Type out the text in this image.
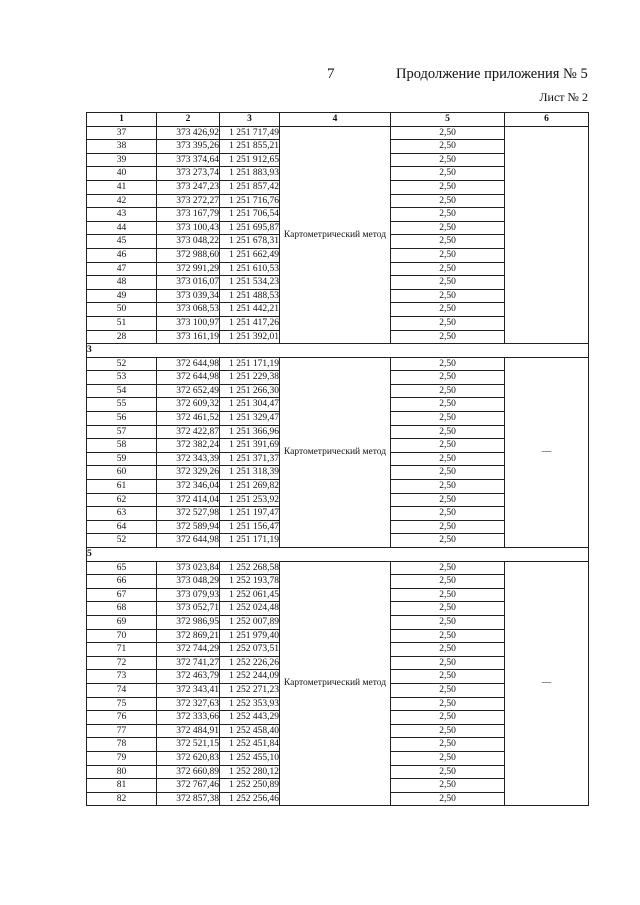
7	Продолжение приложения № 5
Лист № 2
1	2	3	4	5	6
37	373 426,92	1 251 717,49	Картометрический метод	2,50	
38	373 395,26	1 251 855,21		2,50	
39	373 374,64	1 251 912,65		2,50	
40	373 273,74	1 251 883,93		2,50	
41	373 247,23	1 251 857,42		2,50	
42	373 272,27	1 251 716,76		2,50	
43	373 167,79	1 251 706,54		2,50	
44	373 100,43	1 251 695,87		2,50	
45	373 048,22	1 251 678,31		2,50	
46	372 988,60	1 251 662,49		2,50	
47	372 991,29	1 251 610,53		2,50	
48	373 016,07	1 251 534,23		2,50	
49	373 039,34	1 251 488,53		2,50	
50	373 068,53	1 251 442,21		2,50	
51	373 100,97	1 251 417,26		2,50	
28	373 161,19	1 251 392,01		2,50	
3					
52	372 644,98	1 251 171,19	Картометрический метод	2,50	—
53	372 644,98	1 251 229,38		2,50	
54	372 652,49	1 251 266,30		2,50	
55	372 609,32	1 251 304,47		2,50	
56	372 461,52	1 251 329,47		2,50	
57	372 422,87	1 251 366,96		2,50	
58	372 382,24	1 251 391,69		2,50	
59	372 343,39	1 251 371,37		2,50	
60	372 329,26	1 251 318,39		2,50	
61	372 346,04	1 251 269,82		2,50	
62	372 414,04	1 251 253,92		2,50	
63	372 527,98	1 251 197,47		2,50	
64	372 589,94	1 251 156,47		2,50	
52	372 644,98	1 251 171,19		2,50	
5					
65	373 023,84	1 252 268,58	Картометрический метод	2,50	—
66	373 048,29	1 252 193,78		2,50	
67	373 079,93	1 252 061,45		2,50	
68	373 052,71	1 252 024,48		2,50	
69	372 986,95	1 252 007,89		2,50	
70	372 869,21	1 251 979,40		2,50	
71	372 744,29	1 252 073,51		2,50	
72	372 741,27	1 252 226,26		2,50	
73	372 463,79	1 252 244,09		2,50	
74	372 343,41	1 252 271,23		2,50	
75	372 327,63	1 252 353,93		2,50	
76	372 333,66	1 252 443,29		2,50	
77	372 484,91	1 252 458,40		2,50	
78	372 521,15	1 252 451,84		2,50	
79	372 620,83	1 252 455,10		2,50	
80	372 660,89	1 252 280,12		2,50	
81	372 767,46	1 252 250,89		2,50	
82	372 857,38	1 252 256,46		2,50	
